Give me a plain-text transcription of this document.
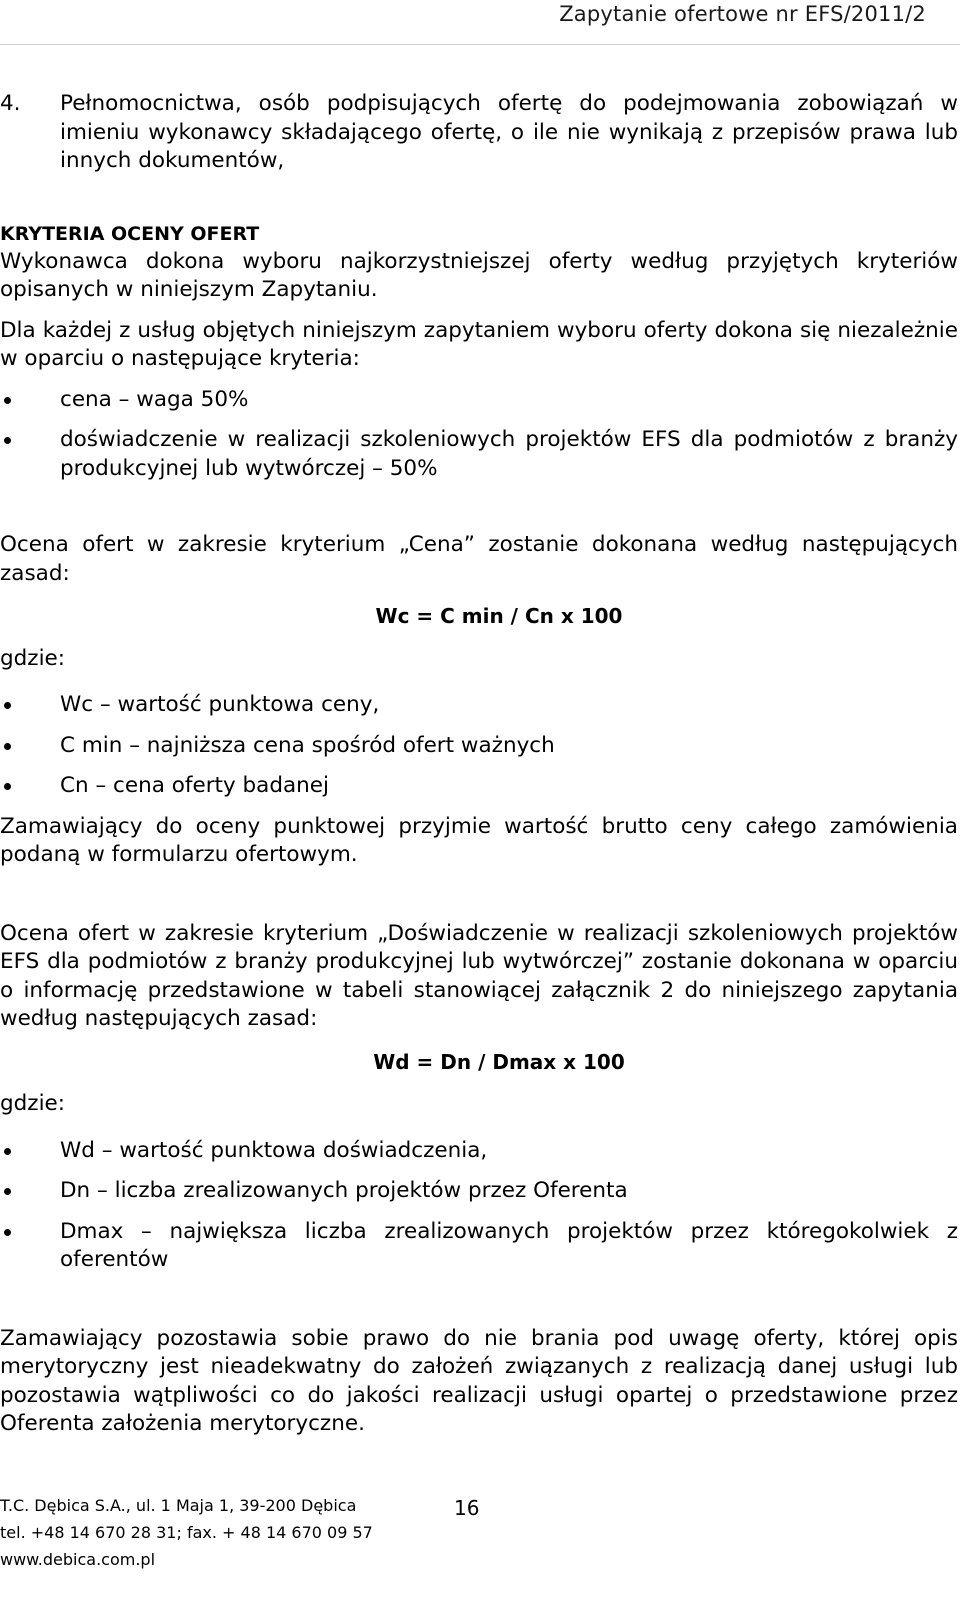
Zapytanie ofertowe nr EFS/2011/2
4.	Pełnomocnictwa, osób podpisujących ofertę do podejmowania zobowiązań w imieniu wykonawcy składającego ofertę, o ile nie wynikają z przepisów prawa lub innych dokumentów,
KRYTERIA OCENY OFERT

Wykonawca dokona wyboru najkorzystniejszej oferty według przyjętych kryteriów opisanych w niniejszym Zapytaniu.

Dla każdej z usług objętych niniejszym zapytaniem wyboru oferty dokona się niezależnie w oparciu o następujące kryteria:

cena – waga 50%
doświadczenie w realizacji szkoleniowych projektów EFS dla podmiotów z branży produkcyjnej lub wytwórczej – 50%

Ocena ofert w zakresie kryterium „Cena” zostanie dokonana według następujących zasad:

Wc = C min / Cn x 100

gdzie:

Wc – wartość punktowa ceny,
C min – najniższa cena spośród ofert ważnych
Cn – cena oferty badanej

Zamawiający do oceny punktowej przyjmie wartość brutto ceny całego zamówienia podaną w formularzu ofertowym.

Ocena ofert w zakresie kryterium „Doświadczenie w realizacji szkoleniowych projektów EFS dla podmiotów z branży produkcyjnej lub wytwórczej” zostanie dokonana w oparciu o informację przedstawione w tabeli stanowiącej załącznik 2 do niniejszego zapytania według następujących zasad:

Wd = Dn / Dmax x 100

gdzie:

Wd – wartość punktowa doświadczenia,
Dn – liczba zrealizowanych projektów przez Oferenta
Dmax – największa liczba zrealizowanych projektów przez któregokolwiek z oferentów

Zamawiający pozostawia sobie prawo do nie brania pod uwagę oferty, której opis merytoryczny jest nieadekwatny do założeń związanych z realizacją danej usługi lub pozostawia wątpliwości co do jakości realizacji usługi opartej o przedstawione przez Oferenta założenia merytoryczne.

T.C. Dębica S.A., ul. 1 Maja 1, 39-200 Dębica
tel. +48 14 670 28 31; fax. + 48 14 670 09 57
www.debica.com.pl
16
